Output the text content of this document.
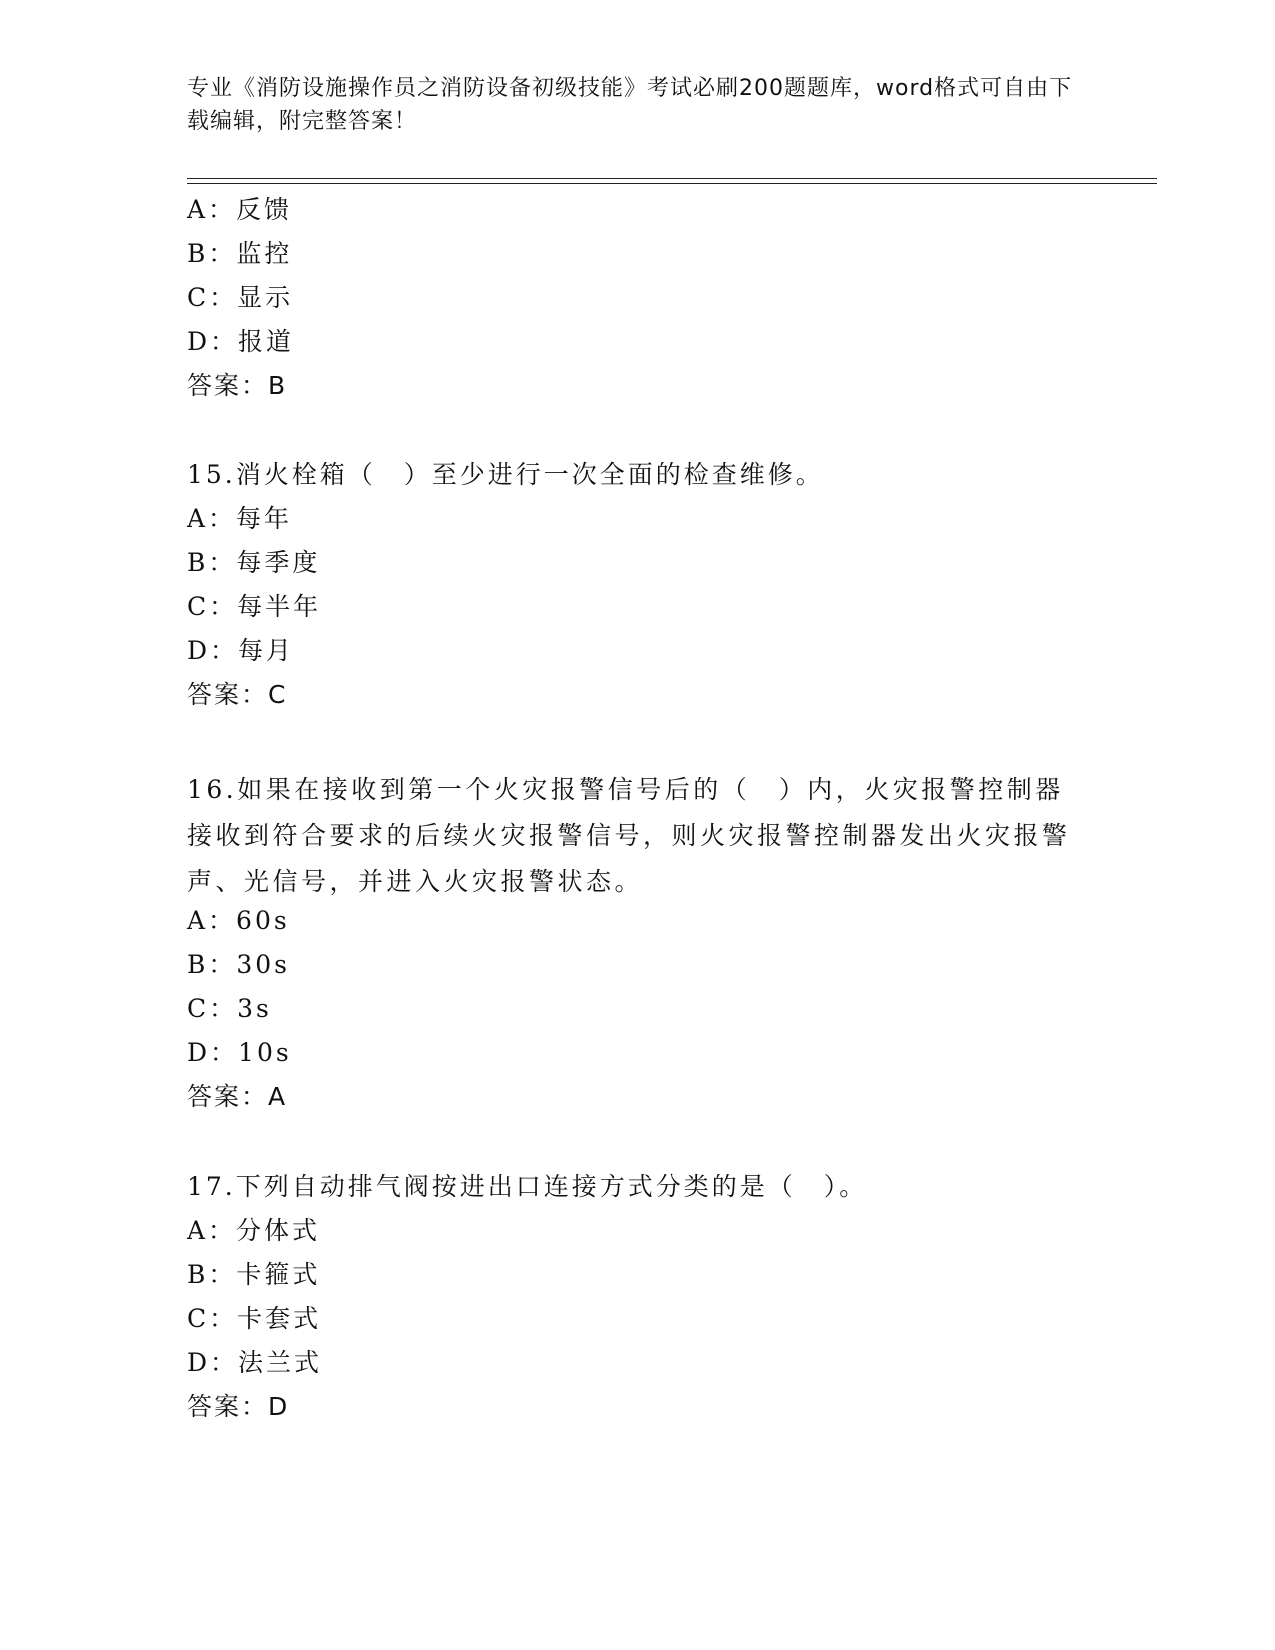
专业《消防设施操作员之消防设备初级技能》考试必刷200题题库，word格式可自由下载编辑，附完整答案！
A：反馈
B：监控
C：显示
D：报道
答案：B
15.消火栓箱（　）至少进行一次全面的检查维修。
A：每年
B：每季度
C：每半年
D：每月
答案：C
16.如果在接收到第一个火灾报警信号后的（　）内，火灾报警控制器接收到符合要求的后续火灾报警信号，则火灾报警控制器发出火灾报警声、光信号，并进入火灾报警状态。
A：60s
B：30s
C：3s
D：10s
答案：A
17.下列自动排气阀按进出口连接方式分类的是（　）。
A：分体式
B：卡箍式
C：卡套式
D：法兰式
答案：D
